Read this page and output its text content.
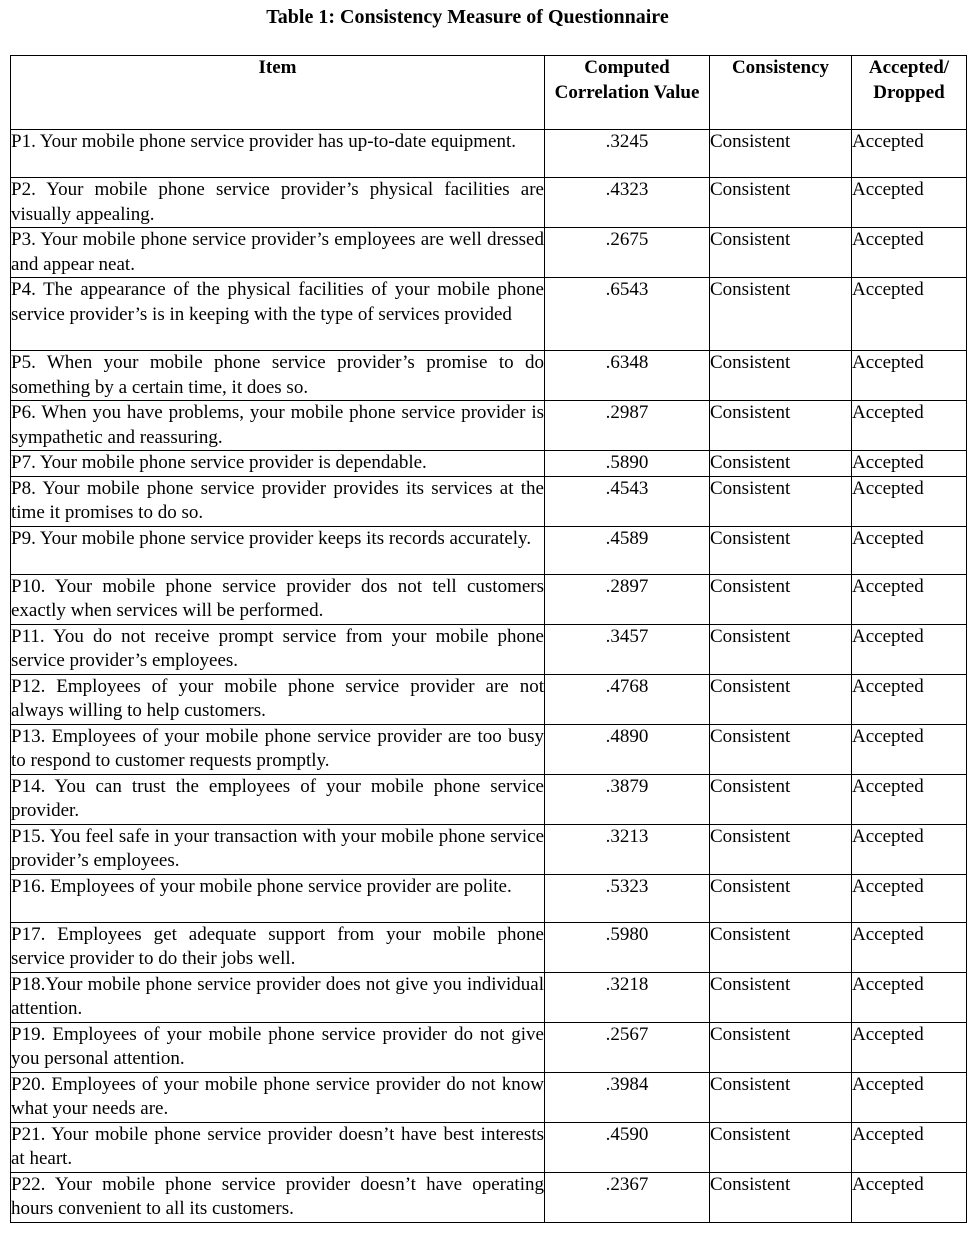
Table 1: Consistency Measure of Questionnaire
Item	Computed Correlation Value	Consistency	Accepted/ Dropped
P1. Your mobile phone service provider has up-to-date equipment.	.3245	Consistent	Accepted
P2. Your mobile phone service provider’s physical facilities are visually appealing.	.4323	Consistent	Accepted
P3. Your mobile phone service provider’s employees are well dressed and appear neat.	.2675	Consistent	Accepted
P4. The appearance of the physical facilities of your mobile phone service provider’s is in keeping with the type of services provided	.6543	Consistent	Accepted
P5. When your mobile phone service provider’s promise to do something by a certain time, it does so.	.6348	Consistent	Accepted
P6. When you have problems, your mobile phone service provider is sympathetic and reassuring.	.2987	Consistent	Accepted
P7. Your mobile phone service provider is dependable.	.5890	Consistent	Accepted
P8. Your mobile phone service provider provides its services at the time it promises to do so.	.4543	Consistent	Accepted
P9. Your mobile phone service provider keeps its records accurately.	.4589	Consistent	Accepted
P10. Your mobile phone service provider dos not tell customers exactly when services will be performed.	.2897	Consistent	Accepted
P11. You do not receive prompt service from your mobile phone service provider’s employees.	.3457	Consistent	Accepted
P12. Employees of your mobile phone service provider are not always willing to help customers.	.4768	Consistent	Accepted
P13. Employees of your mobile phone service provider are too busy to respond to customer requests promptly.	.4890	Consistent	Accepted
P14. You can trust the employees of your mobile phone service provider.	.3879	Consistent	Accepted
P15. You feel safe in your transaction with your mobile phone service provider’s employees.	.3213	Consistent	Accepted
P16. Employees of your mobile phone service provider are polite.	.5323	Consistent	Accepted
P17. Employees get adequate support from your mobile phone service provider to do their jobs well.	.5980	Consistent	Accepted
P18.Your mobile phone service provider does not give you individual attention.	.3218	Consistent	Accepted
P19. Employees of your mobile phone service provider do not give you personal attention.	.2567	Consistent	Accepted
P20. Employees of your mobile phone service provider do not know what your needs are.	.3984	Consistent	Accepted
P21. Your mobile phone service provider doesn’t have best interests at heart.	.4590	Consistent	Accepted
P22. Your mobile phone service provider doesn’t have operating hours convenient to all its customers.	.2367	Consistent	Accepted
